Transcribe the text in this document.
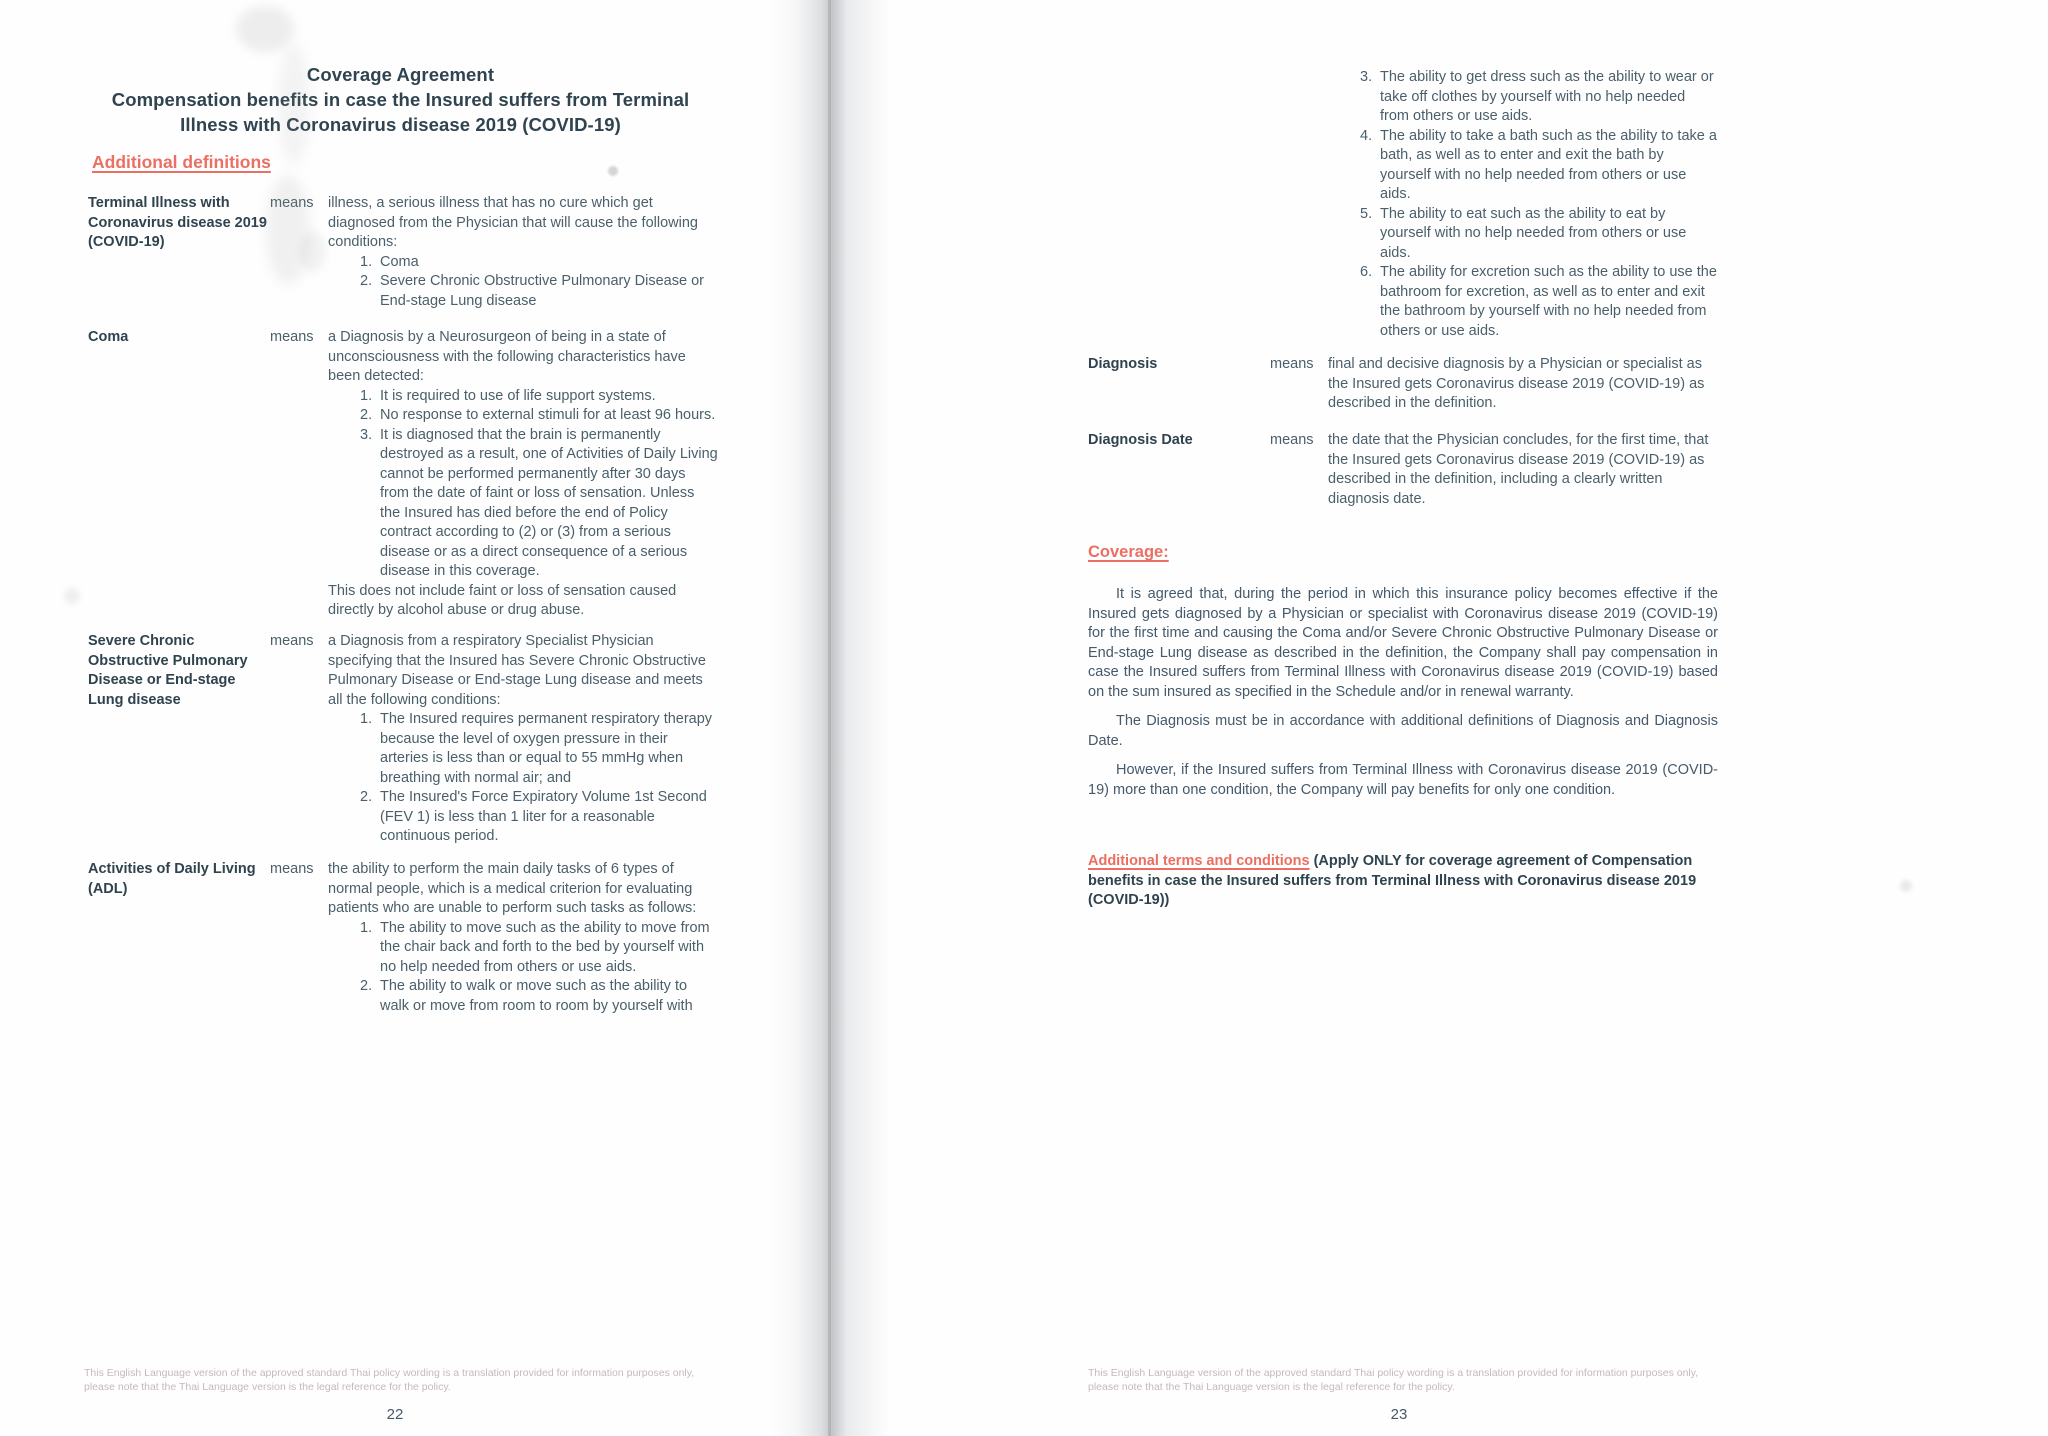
Coverage Agreement
Compensation benefits in case the Insured suffers from Terminal Illness with Coronavirus disease 2019 (COVID-19)
Additional definitions
Terminal Illness with Coronavirus disease 2019 (COVID-19)
means illness, a serious illness that has no cure which get diagnosed from the Physician that will cause the following conditions:

1. Coma
2. Severe Chronic Obstructive Pulmonary Disease or End-stage Lung disease
Coma	means a Diagnosis by a Neurosurgeon of being in a state of unconsciousness with the following characteristics have been detected:

1. It is required to use of life support systems.
2. No response to external stimuli for at least 96 hours.
3. It is diagnosed that the brain is permanently destroyed as a result, one of Activities of Daily Living cannot be performed permanently after 30 days from the date of faint or loss of sensation. Unless the Insured has died before the end of Policy contract according to (2) or (3) from a serious disease or as a direct consequence of a serious disease in this coverage.

This does not include faint or loss of sensation caused directly by alcohol abuse or drug abuse.

Severe Chronic Obstructive Pulmonary Disease or End-stage Lung disease
means a Diagnosis from a respiratory Specialist Physician specifying that the Insured has Severe Chronic Obstructive Pulmonary Disease or End-stage Lung disease and meets all the following conditions:

1. The Insured requires permanent respiratory therapy because the level of oxygen pressure in their arteries is less than or equal to 55 mmHg when breathing with normal air; and
2. The Insured's Force Expiratory Volume 1st Second (FEV 1) is less than 1 liter for a reasonable continuous period.
Activities of Daily Living (ADL)
means the ability to perform the main daily tasks of 6 types of normal people, which is a medical criterion for evaluating patients who are unable to perform such tasks as follows:

1. The ability to move such as the ability to move from the chair back and forth to the bed by yourself with no help needed from others or use aids.
2. The ability to walk or move such as the ability to walk or move from room to room by yourself with
This English Language version of the approved standard Thai policy wording is a translation provided for information purposes only, please note that the Thai Language version is the legal reference for the policy.
22
3. The ability to get dress such as the ability to wear or take off clothes by yourself with no help needed from others or use aids.
4. The ability to take a bath such as the ability to take a bath, as well as to enter and exit the bath by yourself with no help needed from others or use aids.
5. The ability to eat such as the ability to eat by yourself with no help needed from others or use aids.
6. The ability for excretion such as the ability to use the bathroom for excretion, as well as to enter and exit the bathroom by yourself with no help needed from others or use aids.
Diagnosis	means final and decisive diagnosis by a Physician or specialist as the Insured gets Coronavirus disease 2019 (COVID-19) as described in the definition.

Diagnosis Date	means the date that the Physician concludes, for the first time, that the Insured gets Coronavirus disease 2019 (COVID-19) as described in the definition, including a clearly written diagnosis date.

Coverage:

It is agreed that, during the period in which this insurance policy becomes effective if the Insured gets diagnosed by a Physician or specialist with Coronavirus disease 2019 (COVID-19) for the first time and causing the Coma and/or Severe Chronic Obstructive Pulmonary Disease or End-stage Lung disease as described in the definition, the Company shall pay compensation in case the Insured suffers from Terminal Illness with Coronavirus disease 2019 (COVID-19) based on the sum insured as specified in the Schedule and/or in renewal warranty.

The Diagnosis must be in accordance with additional definitions of Diagnosis and Diagnosis Date.

However, if the Insured suffers from Terminal Illness with Coronavirus disease 2019 (COVID-19) more than one condition, the Company will pay benefits for only one condition.

Additional terms and conditions (Apply ONLY for coverage agreement of Compensation benefits in case the Insured suffers from Terminal Illness with Coronavirus disease 2019 (COVID-19))
This English Language version of the approved standard Thai policy wording is a translation provided for information purposes only, please note that the Thai Language version is the legal reference for the policy.
23
